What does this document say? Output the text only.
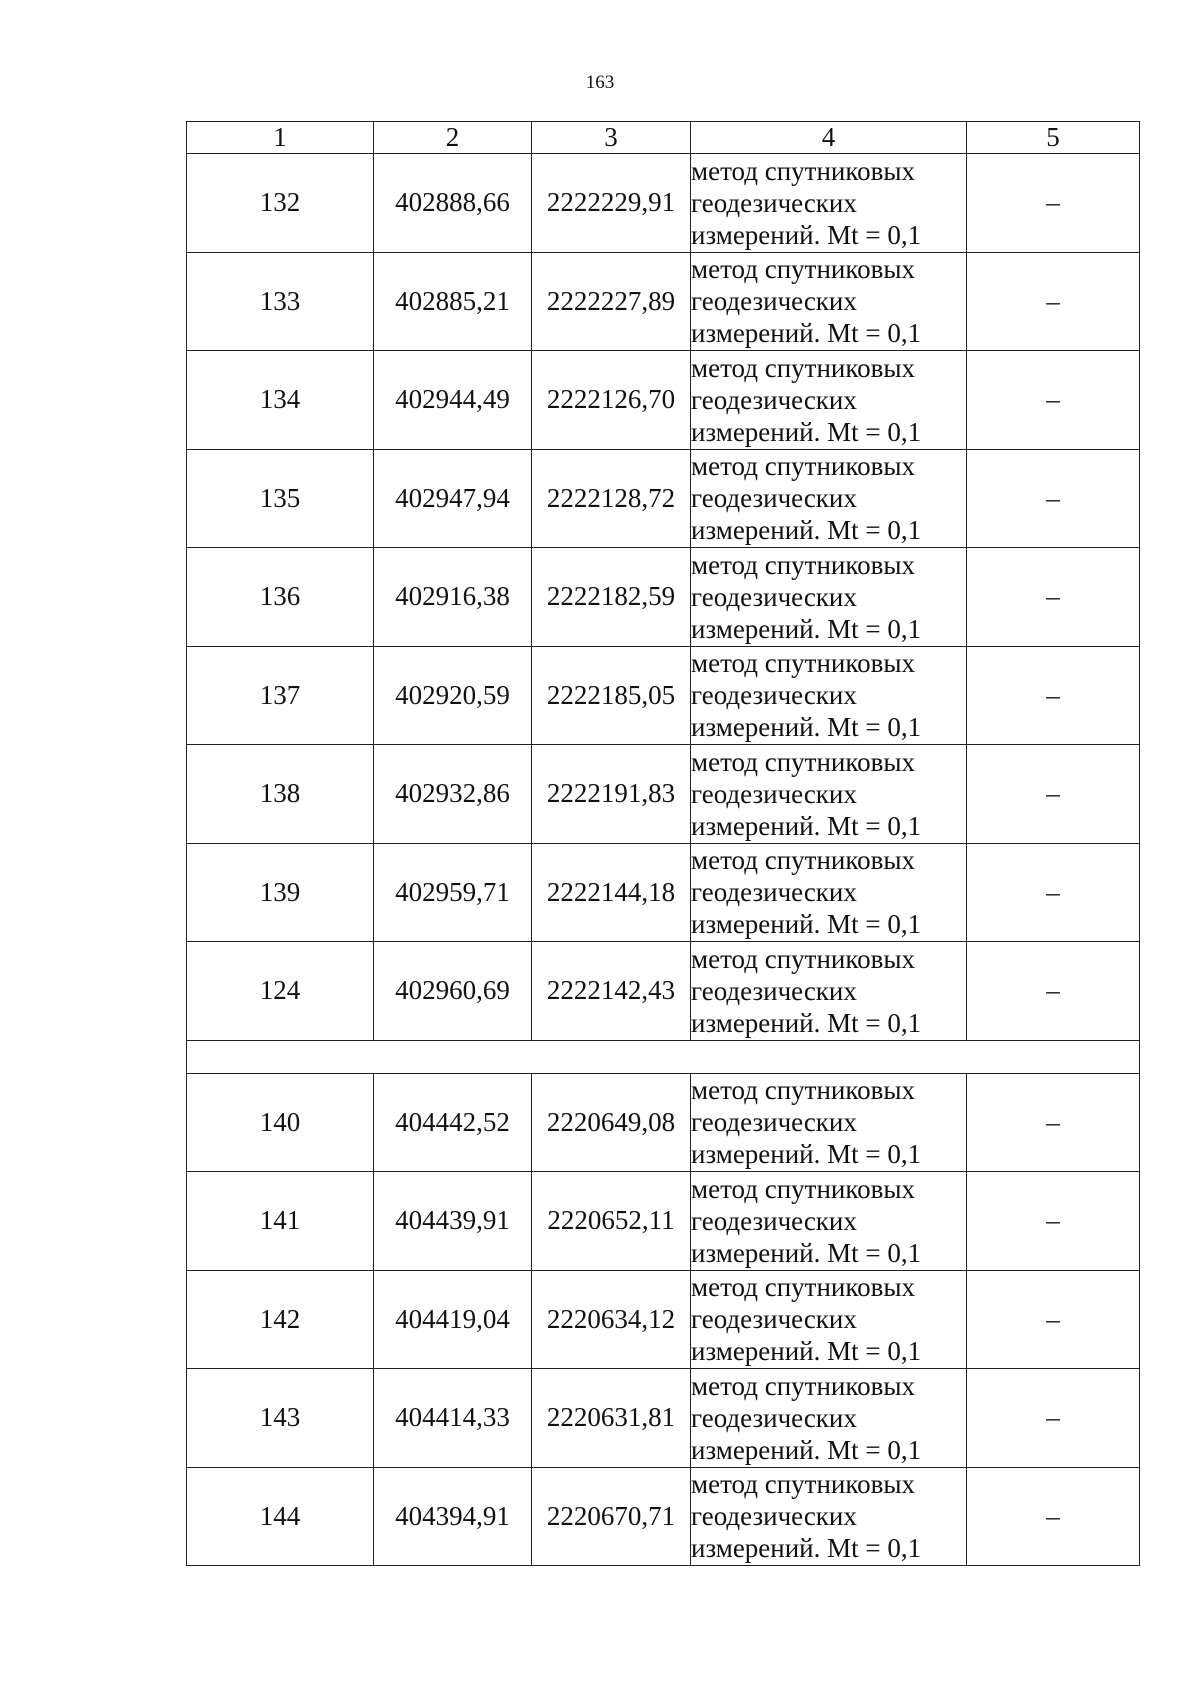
163
1	2	3	4	5
132	402888,66	2222229,91	метод спутниковых
геодезических
измерений. Mt = 0,1	–
133	402885,21	2222227,89	метод спутниковых
геодезических
измерений. Mt = 0,1	–
134	402944,49	2222126,70	метод спутниковых
геодезических
измерений. Mt = 0,1	–
135	402947,94	2222128,72	метод спутниковых
геодезических
измерений. Mt = 0,1	–
136	402916,38	2222182,59	метод спутниковых
геодезических
измерений. Mt = 0,1	–
137	402920,59	2222185,05	метод спутниковых
геодезических
измерений. Mt = 0,1	–
138	402932,86	2222191,83	метод спутниковых
геодезических
измерений. Mt = 0,1	–
139	402959,71	2222144,18	метод спутниковых
геодезических
измерений. Mt = 0,1	–
124	402960,69	2222142,43	метод спутниковых
геодезических
измерений. Mt = 0,1	–

140	404442,52	2220649,08	метод спутниковых
геодезических
измерений. Mt = 0,1	–
141	404439,91	2220652,11	метод спутниковых
геодезических
измерений. Mt = 0,1	–
142	404419,04	2220634,12	метод спутниковых
геодезических
измерений. Mt = 0,1	–
143	404414,33	2220631,81	метод спутниковых
геодезических
измерений. Mt = 0,1	–
144	404394,91	2220670,71	метод спутниковых
геодезических
измерений. Mt = 0,1	–
